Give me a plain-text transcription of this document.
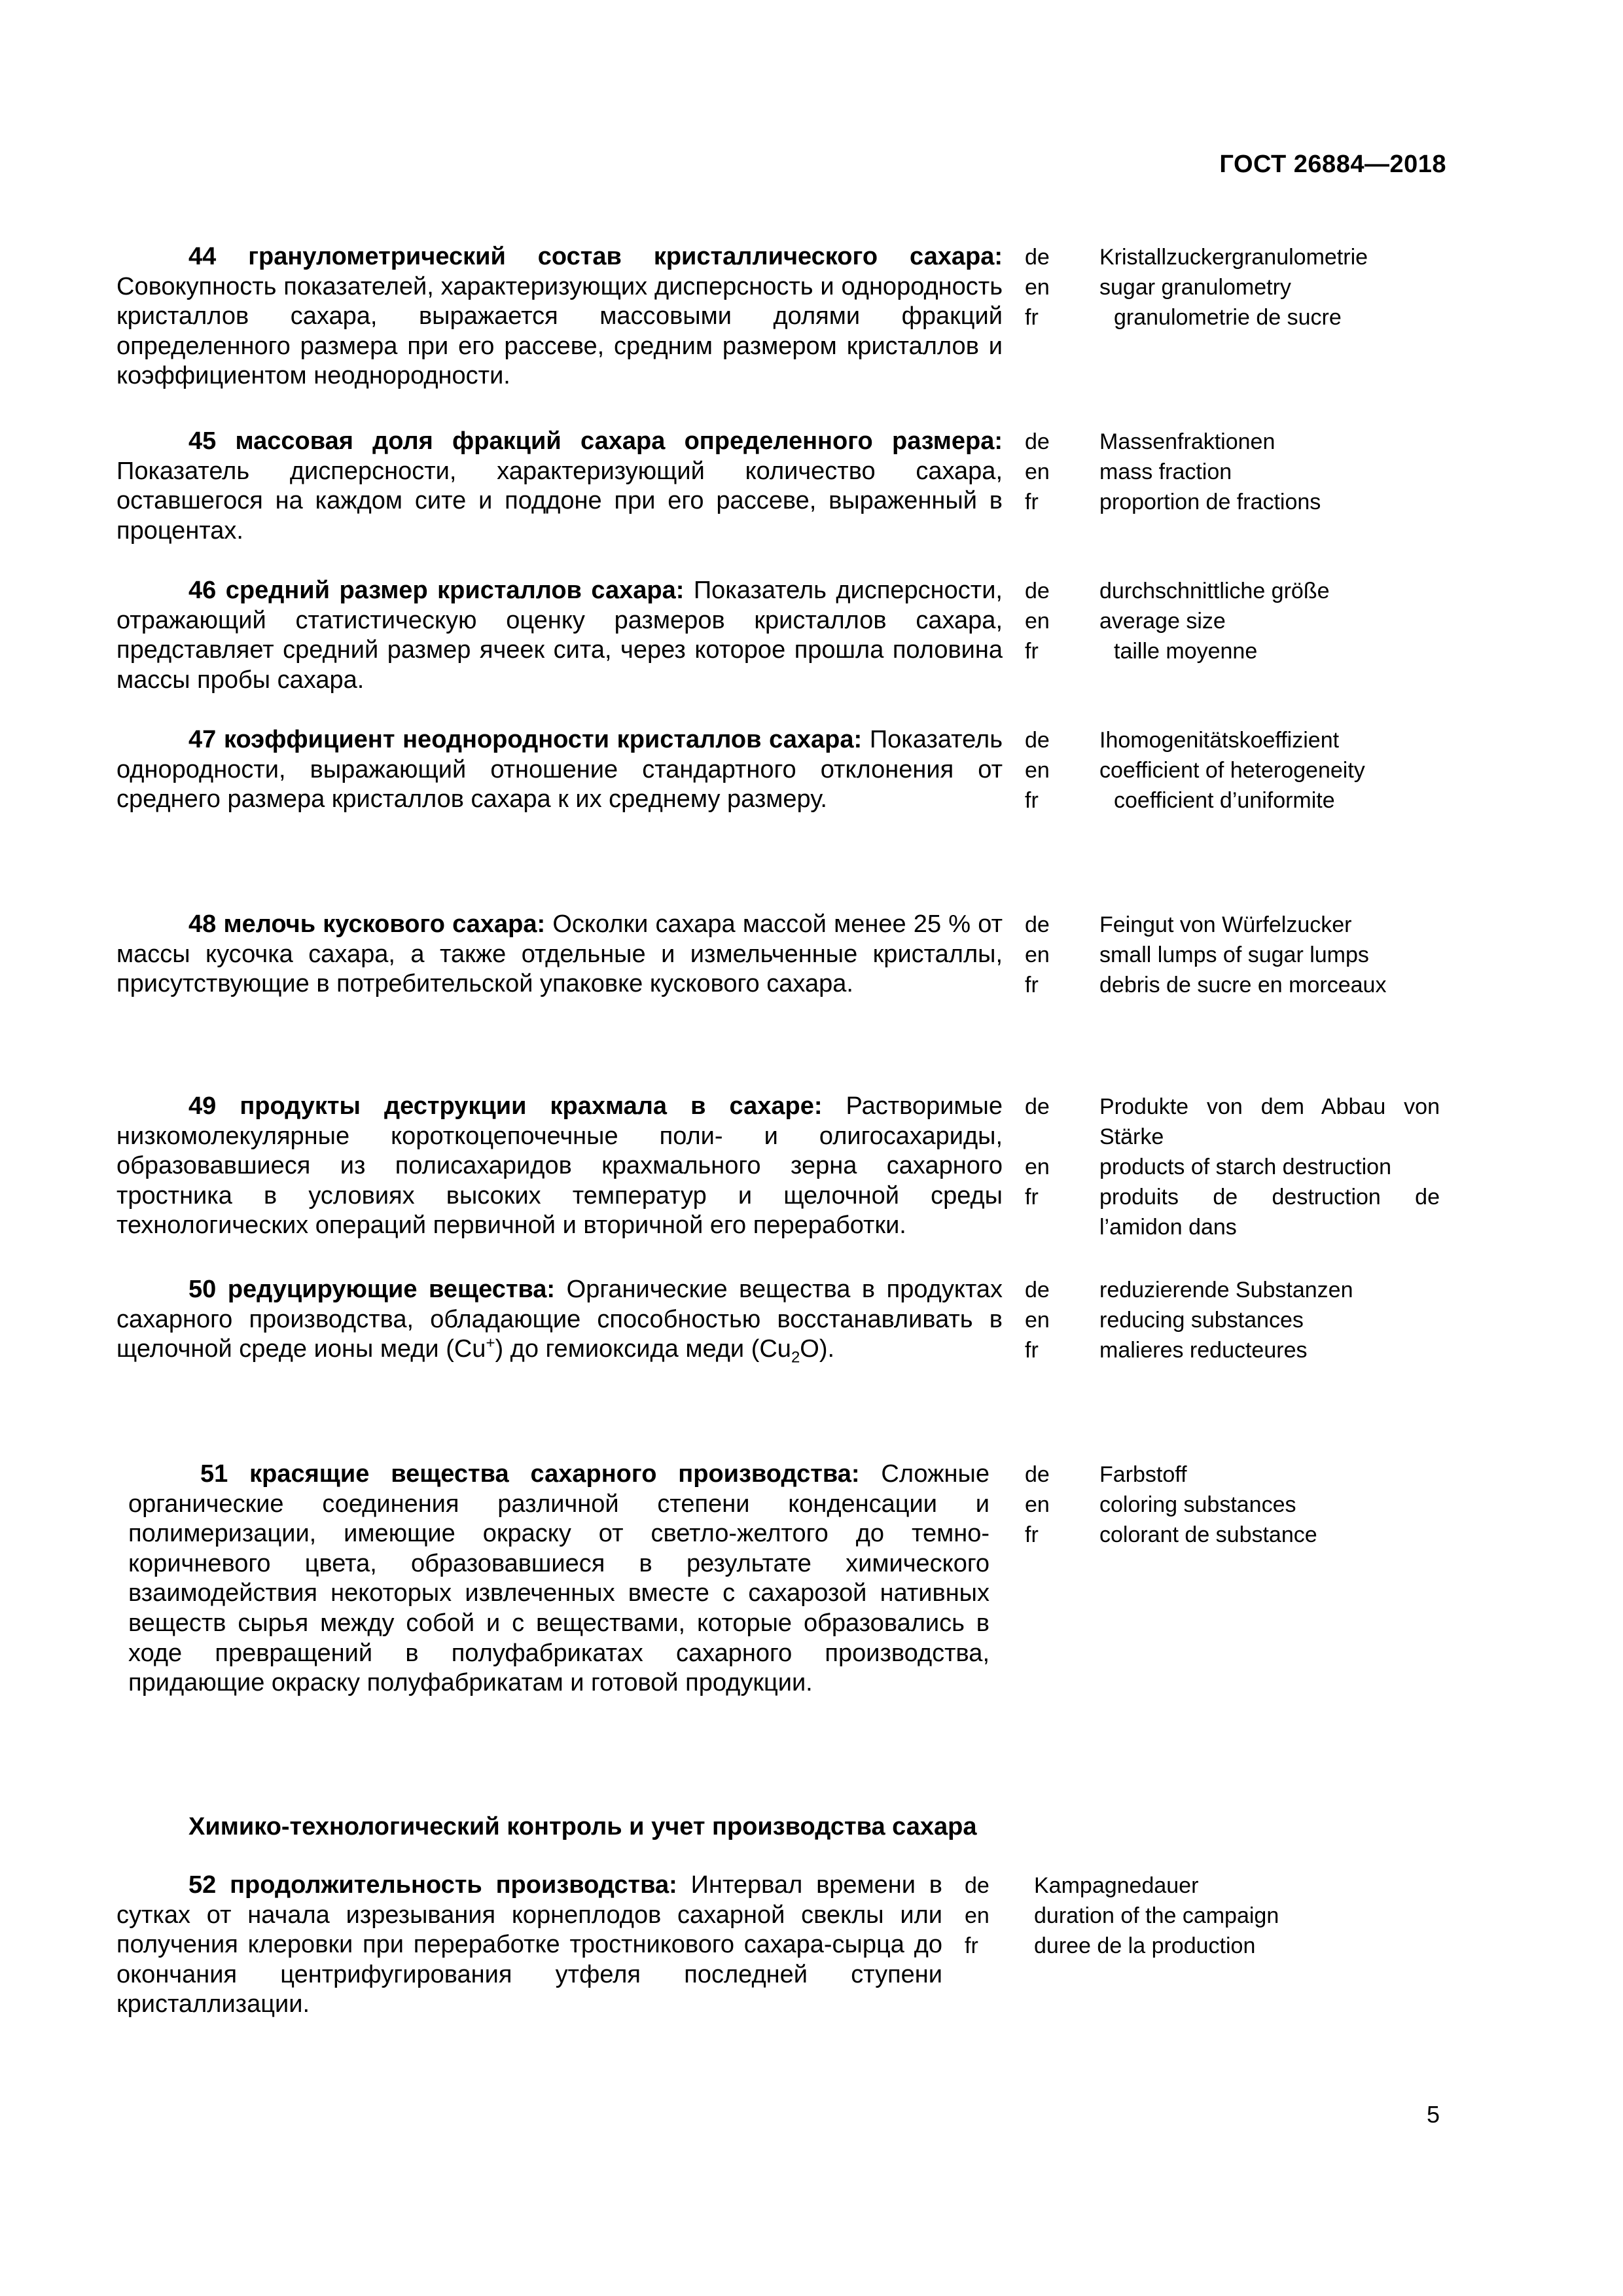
ГОСТ 26884—2018
44 гранулометрический состав кристаллического сахара: Совокупность показателей, характеризующих дисперсность и однородность кристаллов сахара, выражается массовыми долями фракций определенного размера при его рассеве, средним размером кристаллов и коэффициентом неоднородности.
de
en
fr
Kristallzuckergranulometrie
sugar granulometry
granulometrie de sucre
45 массовая доля фракций сахара определенного размера: Показатель дисперсности, характеризующий количество сахара, оставшегося на каждом сите и поддоне при его рассеве, выраженный в процентах.
de
en
fr
Massenfraktionen
mass fraction
proportion de fractions
46 средний размер кристаллов сахара: Показатель дисперсности, отражающий статистическую оценку размеров кристаллов сахара, представляет средний размер ячеек сита, через которое прошла половина массы пробы сахара.
de
en
fr
durchschnittliche größe
average size
taille moyenne
47 коэффициент неоднородности кристаллов сахара: Показатель однородности, выражающий отношение стандартного отклонения от среднего размера кристаллов сахара к их среднему размеру.
de
en
fr
Ihomogenitätskoeffizient
coefficient of heterogeneity
coefficient d’uniformite
48 мелочь кускового сахара: Осколки сахара массой менее 25 % от массы кусочка сахара, а также отдельные и измельченные кристаллы, присутствующие в потребительской упаковке кускового сахара.
de
en
fr
Feingut von Würfelzucker
small lumps of sugar lumps
debris de sucre en morceaux
49 продукты деструкции крахмала в сахаре: Растворимые низкомолекулярные короткоцепочечные поли- и олигосахариды, образовавшиеся из полисахаридов крахмального зерна сахарного тростника в условиях высоких температур и щелочной среды технологических операций первичной и вторичной его переработки.
de
en
fr
Produkte von dem Abbau von Stärke
products of starch destruction
produits de destruction de l’amidon dans
50 редуцирующие вещества: Органические вещества в продуктах сахарного производства, обладающие способностью восстанавливать в щелочной среде ионы меди (Cu+) до гемиоксида меди $(Cu_2O)$.
de
en
fr
reduzierende Substanzen
reducing substances
malieres reducteures
51 красящие вещества сахарного производства: Сложные органические соединения различной степени конденсации и полимеризации, имеющие окраску от светло-желтого до темно-коричневого цвета, образовавшиеся в результате химического взаимодействия некоторых извлеченных вместе с сахарозой нативных веществ сырья между собой и с веществами, которые образовались в ходе превращений в полуфабрикатах сахарного производства, придающие окраску полуфабрикатам и готовой продукции.
de
en
fr
Farbstoff
coloring substances
colorant de substance
Химико-технологический контроль и учет производства сахара
52 продолжительность производства: Интервал времени в сутках от начала изрезывания корнеплодов сахарной свеклы или получения клеровки при переработке тростникового сахара-сырца до окончания центрифугирования утфеля последней ступени кристаллизации.
de
en
fr
Kampagnedauer
duration of the campaign
duree de la production
5
